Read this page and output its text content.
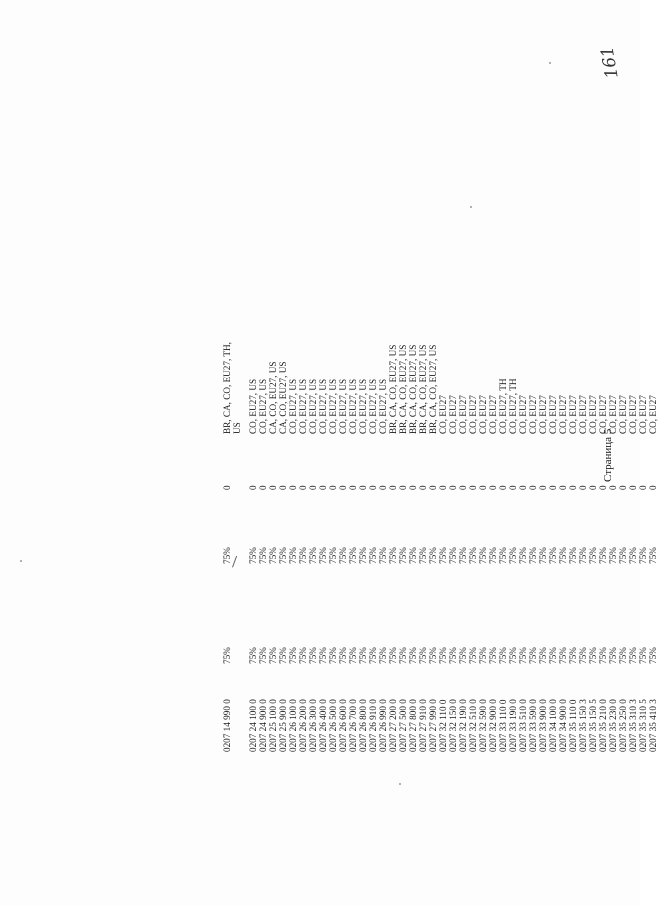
0207 14 990 0
75%
75%
0
BR, CA, CO, EU27, TH, US
0207 24 100 0
75%
75%
0
CO, EU27, US
0207 24 900 0
75%
75%
0
CO, EU27, US
0207 25 100 0
75%
75%
0
CA, CO, EU27, US
0207 25 900 0
75%
75%
0
CA, CO, EU27, US
0207 26 100 0
75%
75%
0
CO, EU27, US
0207 26 200 0
75%
75%
0
CO, EU27, US
0207 26 300 0
75%
75%
0
CO, EU27, US
0207 26 400 0
75%
75%
0
CO, EU27, US
0207 26 500 0
75%
75%
0
CO, EU27, US
0207 26 600 0
75%
75%
0
CO, EU27, US
0207 26 700 0
75%
75%
0
CO, EU27, US
0207 26 800 0
75%
75%
0
CO, EU27, US
0207 26 910 0
75%
75%
0
CO, EU27, US
0207 26 990 0
75%
75%
0
CO, EU27, US
0207 27 200 0
75%
75%
0
BR, CA, CO, EU27, US
0207 27 500 0
75%
75%
0
BR, CA, CO, EU27, US
0207 27 800 0
75%
75%
0
BR, CA, CO, EU27, US
0207 27 910 0
75%
75%
0
BR, CA, CO, EU27, US
0207 27 990 0
75%
75%
0
BR, CA, CO, EU27, US
0207 32 110 0
75%
75%
0
CO, EU27
0207 32 150 0
75%
75%
0
CO, EU27
0207 32 190 0
75%
75%
0
CO, EU27
0207 32 510 0
75%
75%
0
CO, EU27
0207 32 590 0
75%
75%
0
CO, EU27
0207 32 900 0
75%
75%
0
CO, EU27
0207 33 110 0
75%
75%
0
CO, EU27, TH
0207 33 190 0
75%
75%
0
CO, EU27, TH
0207 33 510 0
75%
75%
0
CO, EU27
0207 33 590 0
75%
75%
0
CO, EU27
0207 33 900 0
75%
75%
0
CO, EU27
0207 34 100 0
75%
75%
0
CO, EU27
0207 34 900 0
75%
75%
0
CO, EU27
0207 35 110 0
75%
75%
0
CO, EU27
0207 35 150 3
75%
75%
0
CO, EU27
0207 35 150 5
75%
75%
0
CO, EU27
0207 35 210 0
75%
75%
0
CO, EU27
0207 35 230 0
75%
75%
0
CO, EU27
0207 35 250 0
75%
75%
0
CO, EU27
0207 35 310 3
75%
75%
0
CO, EU27
0207 35 310 5
75%
75%
0
CO, EU27
0207 35 410 3
75%
75%
0
CO, EU27
Страница 5
161
